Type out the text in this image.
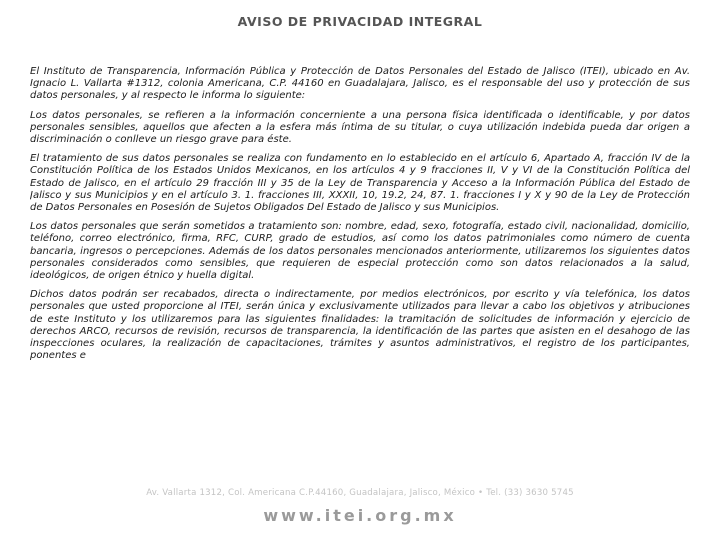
AVISO DE PRIVACIDAD INTEGRAL

El Instituto de Transparencia, Información Pública y Protección de Datos Personales del Estado de Jalisco (ITEI), ubicado en Av. Ignacio L. Vallarta #1312, colonia Americana, C.P. 44160 en Guadalajara, Jalisco, es el responsable del uso y protección de sus datos personales, y al respecto le informa lo siguiente:

Los datos personales, se refieren a la información concerniente a una persona física identificada o identificable, y por datos personales sensibles, aquellos que afecten a la esfera más íntima de su titular, o cuya utilización indebida pueda dar origen a discriminación o conlleve un riesgo grave para éste.

El tratamiento de sus datos personales se realiza con fundamento en lo establecido en el artículo 6, Apartado A, fracción IV de la Constitución Política de los Estados Unidos Mexicanos, en los artículos 4 y 9 fracciones II, V y VI de la Constitución Política del Estado de Jalisco, en el artículo 29 fracción III y 35 de la Ley de Transparencia y Acceso a la Información Pública del Estado de Jalisco y sus Municipios y en el artículo 3. 1. fracciones III, XXXII, 10, 19.2, 24, 87. 1. fracciones I y X y 90 de la Ley de Protección de Datos Personales en Posesión de Sujetos Obligados Del Estado de Jalisco y sus Municipios.

Los datos personales que serán sometidos a tratamiento son: nombre, edad, sexo, fotografía, estado civil, nacionalidad, domicilio, teléfono, correo electrónico, firma, RFC, CURP, grado de estudios, así como los datos patrimoniales como número de cuenta bancaria, ingresos o percepciones. Además de los datos personales mencionados anteriormente, utilizaremos los siguientes datos personales considerados como sensibles, que requieren de especial protección como son datos relacionados a la salud, ideológicos, de origen étnico y huella digital.

Dichos datos podrán ser recabados, directa o indirectamente, por medios electrónicos, por escrito y vía telefónica, los datos personales que usted proporcione al ITEI, serán única y exclusivamente utilizados para llevar a cabo los objetivos y atribuciones de este Instituto y los utilizaremos para las siguientes finalidades: la tramitación de solicitudes de información y ejercicio de derechos ARCO, recursos de revisión, recursos de transparencia, la identificación de las partes que asisten en el desahogo de las inspecciones oculares, la realización de capacitaciones, trámites y asuntos administrativos, el registro de los participantes, ponentes e

Av. Vallarta 1312, Col. Americana C.P.44160, Guadalajara, Jalisco, México • Tel. (33) 3630 5745
www.itei.org.mx
